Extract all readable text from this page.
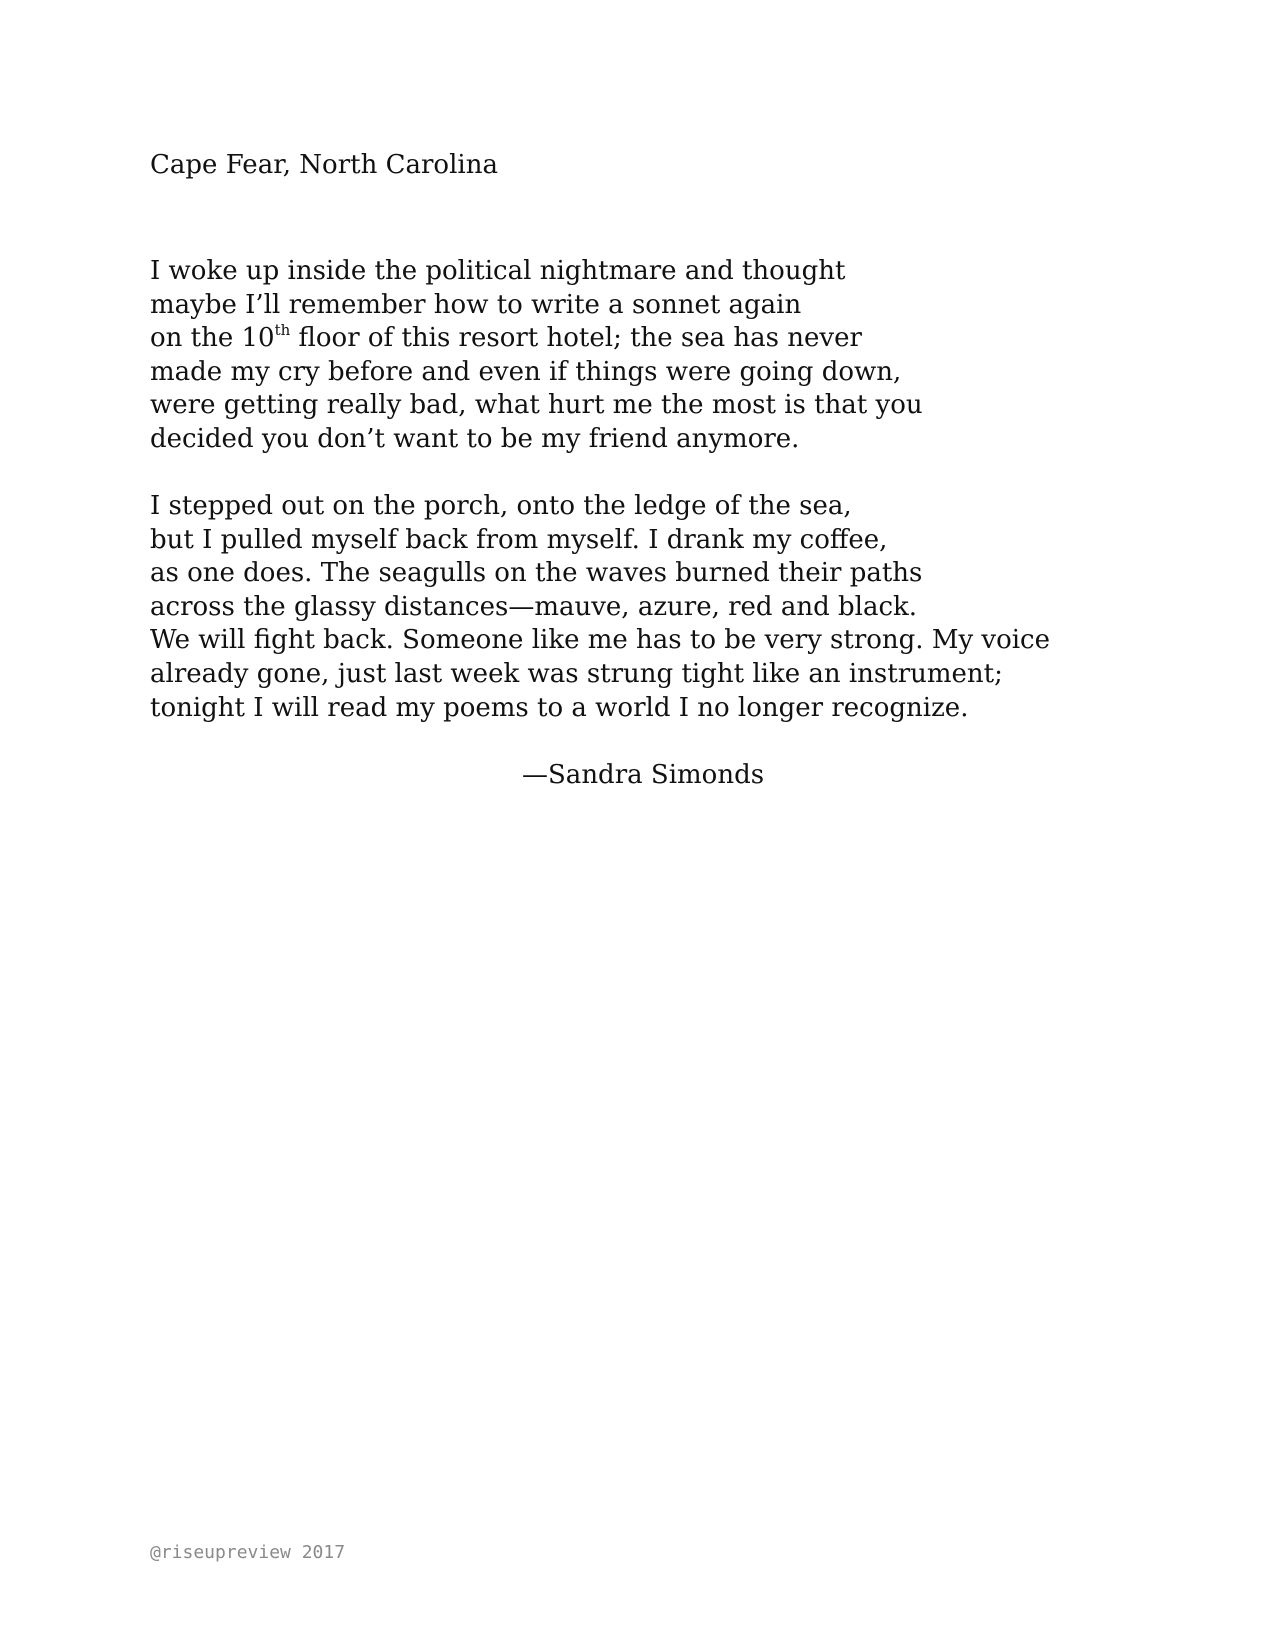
Cape Fear, North Carolina
I woke up inside the political nightmare and thought
maybe I’ll remember how to write a sonnet again
on the 10th floor of this resort hotel; the sea has never
made my cry before and even if things were going down,
were getting really bad, what hurt me the most is that you
decided you don’t want to be my friend anymore.
I stepped out on the porch, onto the ledge of the sea,
but I pulled myself back from myself. I drank my coffee,
as one does. The seagulls on the waves burned their paths
across the glassy distances—mauve, azure, red and black.
We will fight back. Someone like me has to be very strong. My voice
already gone, just last week was strung tight like an instrument;
tonight I will read my poems to a world I no longer recognize.
—Sandra Simonds
@riseupreview 2017
